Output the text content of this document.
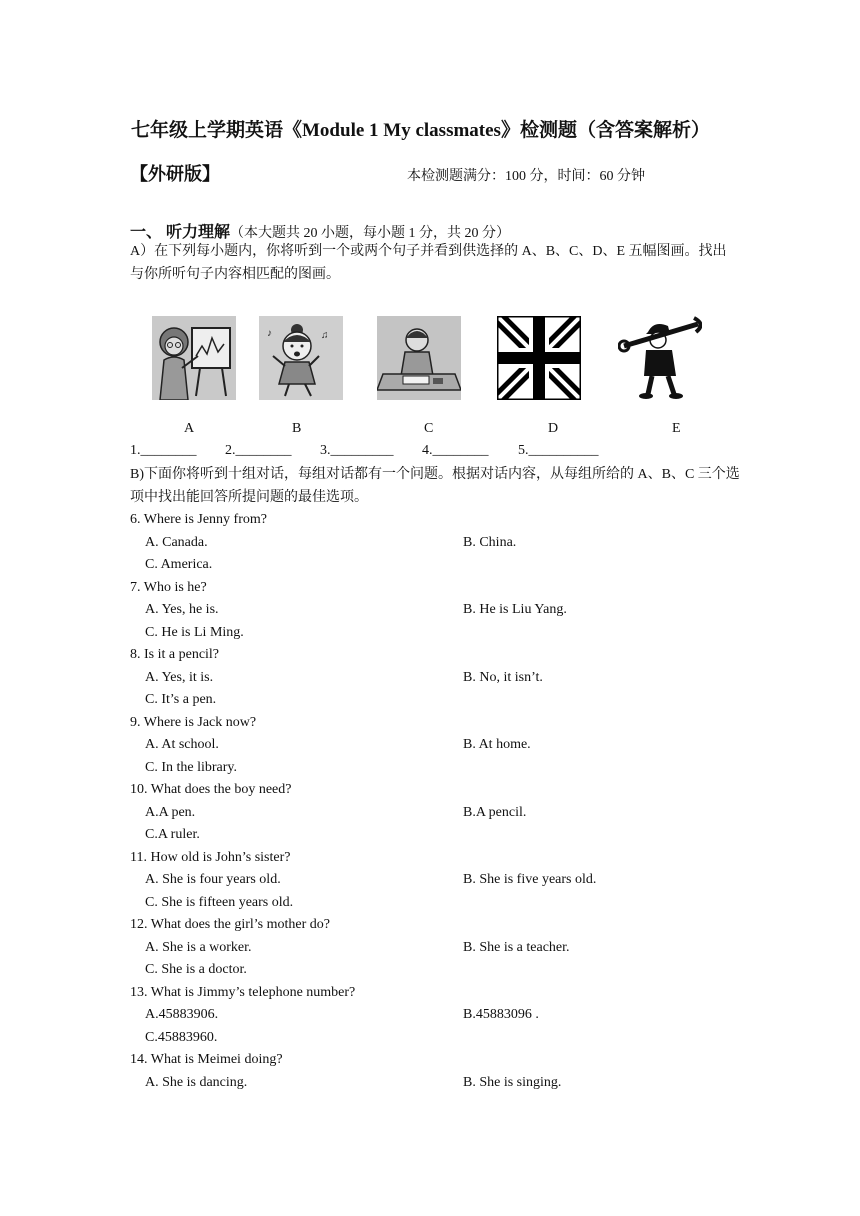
七年级上学期英语《Module 1 My classmates》检测题（含答案解析）
【外研版】	本检测题满分：100 分，时间：60 分钟
一、 听力理解（本大题共 20 小题，每小题 1 分，共 20 分）
A）在下列每小题内，你将听到一个或两个句子并看到供选择的 A、B、C、D、E 五幅图画。找出与你所听句子内容相匹配的图画。
♪	♫
A	B	C	D	E
1.________ 2.________ 3._________ 4.________ 5.__________
B)下面你将听到十组对话，每组对话都有一个问题。根据对话内容，从每组所给的 A、B、C 三个选项中找出能回答所提问题的最佳选项。
6. Where is Jenny from?
A. Canada.	B. China.
C. America.
7. Who is he?
A. Yes, he is.	B. He is Liu Yang.
C. He is Li Ming.
8. Is it a pencil?
A. Yes, it is.	B. No, it isn’t.
C. It’s a pen.
9. Where is Jack now?
A. At school.	B. At home.
C. In the library.
10. What does the boy need?
A.A pen.	B.A pencil.
C.A ruler.
11. How old is John’s sister?
A. She is four years old.	B. She is five years old.
C. She is fifteen years old.
12. What does the girl’s mother do?
A. She is a worker.	B. She is a teacher.
C. She is a doctor.
13. What is Jimmy’s telephone number?
A.45883906.	B.45883096 .
C.45883960.
14. What is Meimei doing?
A. She is dancing.	B. She is singing.
